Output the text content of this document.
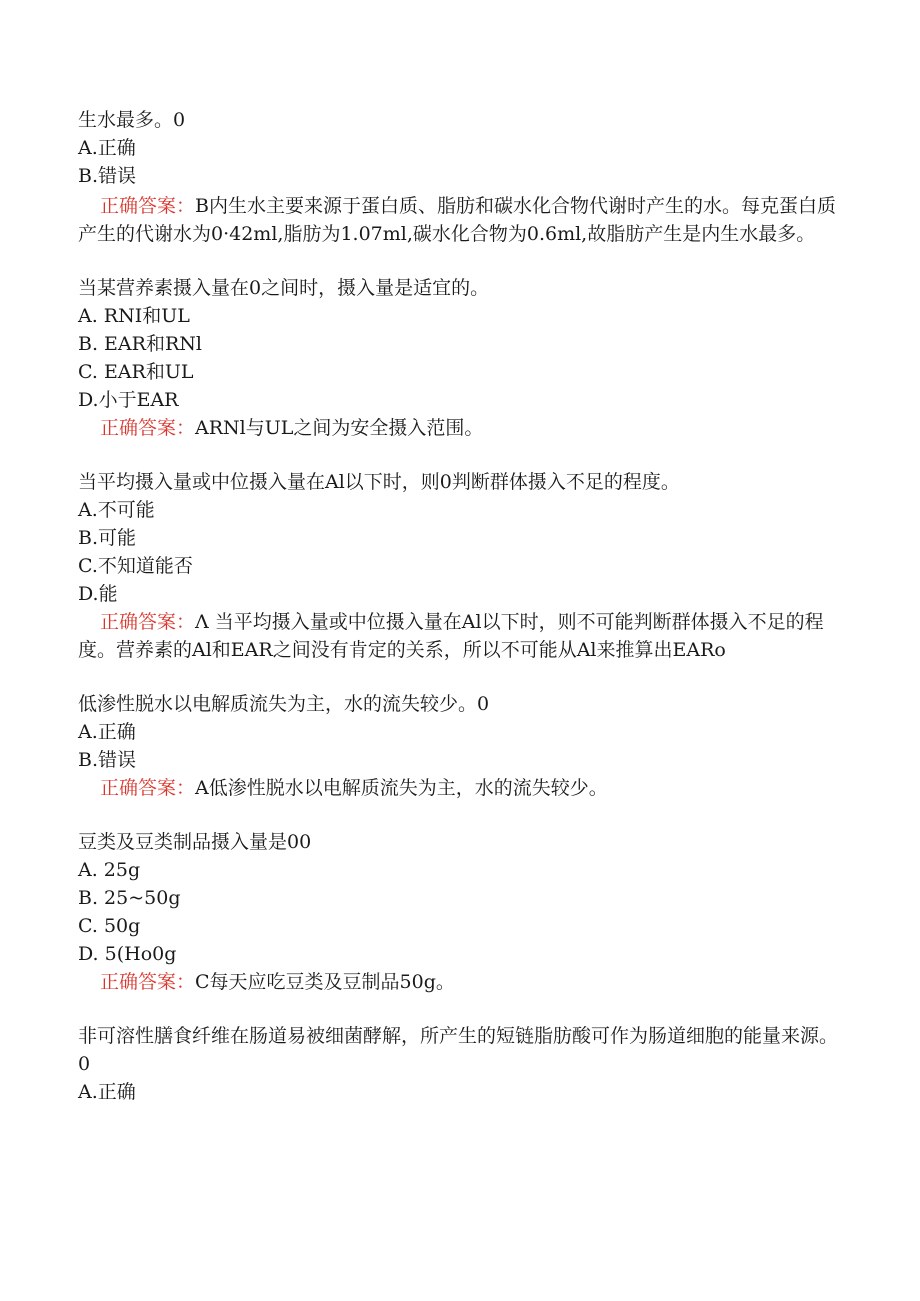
生水最多。0
A.正确
B.错误
正确答案：B内生水主要来源于蛋白质、脂肪和碳水化合物代谢时产生的水。每克蛋白质产生的代谢水为0·42ml,脂肪为1.07ml,碳水化合物为0.6ml,故脂肪产生是内生水最多。
当某营养素摄入量在0之间时，摄入量是适宜的。
A. RNI和UL
B. EAR和RNl
C. EAR和UL
D.小于EAR
正确答案：ARNl与UL之间为安全摄入范围。
当平均摄入量或中位摄入量在Al以下时，则0判断群体摄入不足的程度。
A.不可能
B.可能
C.不知道能否
D.能
正确答案：Λ 当平均摄入量或中位摄入量在Al以下时，则不可能判断群体摄入不足的程度。营养素的Al和EAR之间没有肯定的关系，所以不可能从Al来推算出EARo
低渗性脱水以电解质流失为主，水的流失较少。0
A.正确
B.错误
正确答案：A低渗性脱水以电解质流失为主，水的流失较少。
豆类及豆类制品摄入量是00
A. 25g
B. 25~50g
C. 50g
D. 5(Ho0g
正确答案：C每天应吃豆类及豆制品50g。
非可溶性膳食纤维在肠道易被细菌酵解，所产生的短链脂肪酸可作为肠道细胞的能量来源。0
A.正确
